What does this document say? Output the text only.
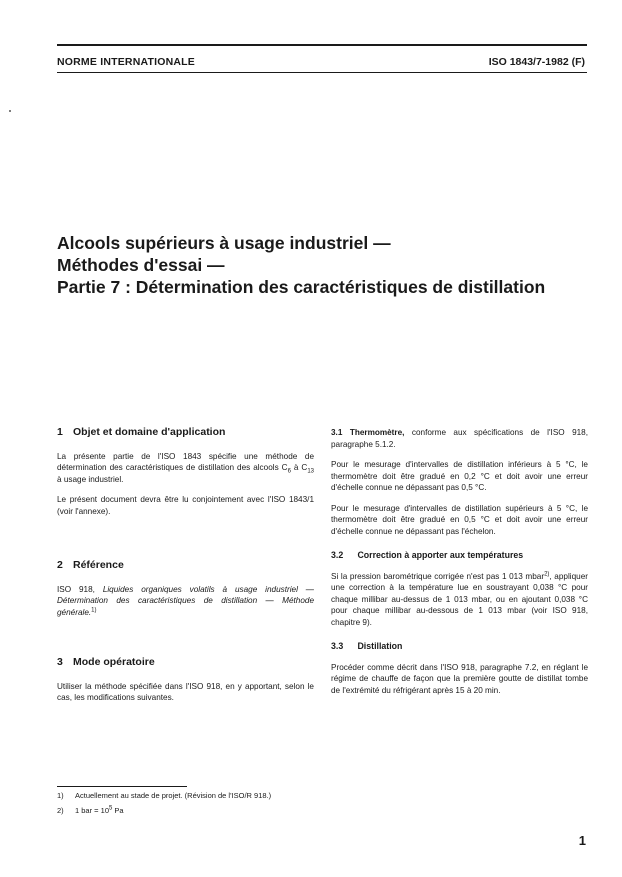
NORME INTERNATIONALE	ISO 1843/7-1982 (F)
Alcools supérieurs à usage industriel —
Méthodes d'essai —
Partie 7 : Détermination des caractéristiques de distillation
1 Objet et domaine d'application

La présente partie de l'ISO 1843 spécifie une méthode de détermination des caractéristiques de distillation des alcools $C_6$ à $C_{13}$ à usage industriel.

Le présent document devra être lu conjointement avec l'ISO 1843/1 (voir l'annexe).

2 Référence

ISO 918, Liquides organiques volatils à usage industriel — Détermination des caractéristiques de distillation — Méthode générale.$^{1)}$

3 Mode opératoire

Utiliser la méthode spécifiée dans l'ISO 918, en y apportant, selon le cas, les modifications suivantes.

3.1 Thermomètre, conforme aux spécifications de l'ISO 918, paragraphe 5.1.2.

Pour le mesurage d'intervalles de distillation inférieurs à 5 °C, le thermomètre doit être gradué en 0,2 °C et doit avoir une erreur d'échelle connue ne dépassant pas 0,5 °C.

Pour le mesurage d'intervalles de distillation supérieurs à 5 °C, le thermomètre doit être gradué en 0,5 °C et doit avoir une erreur d'échelle connue ne dépassant pas l'échelon.

3.2 Correction à apporter aux températures

Si la pression barométrique corrigée n'est pas 1 013 mbar$^{2)}$, appliquer une correction à la température lue en soustrayant 0,038 °C pour chaque millibar au-dessus de 1 013 mbar, ou en ajoutant 0,038 °C pour chaque millibar au-dessous de 1 013 mbar (voir ISO 918, chapitre 9).

3.3 Distillation

Procéder comme décrit dans l'ISO 918, paragraphe 7.2, en réglant le régime de chauffe de façon que la première goutte de distillat tombe de l'extrémité du réfrigérant après 15 à 20 min.

1)	Actuellement au stade de projet. (Révision de l'ISO/R 918.)
2)	1 bar = $10^5$ Pa
1
